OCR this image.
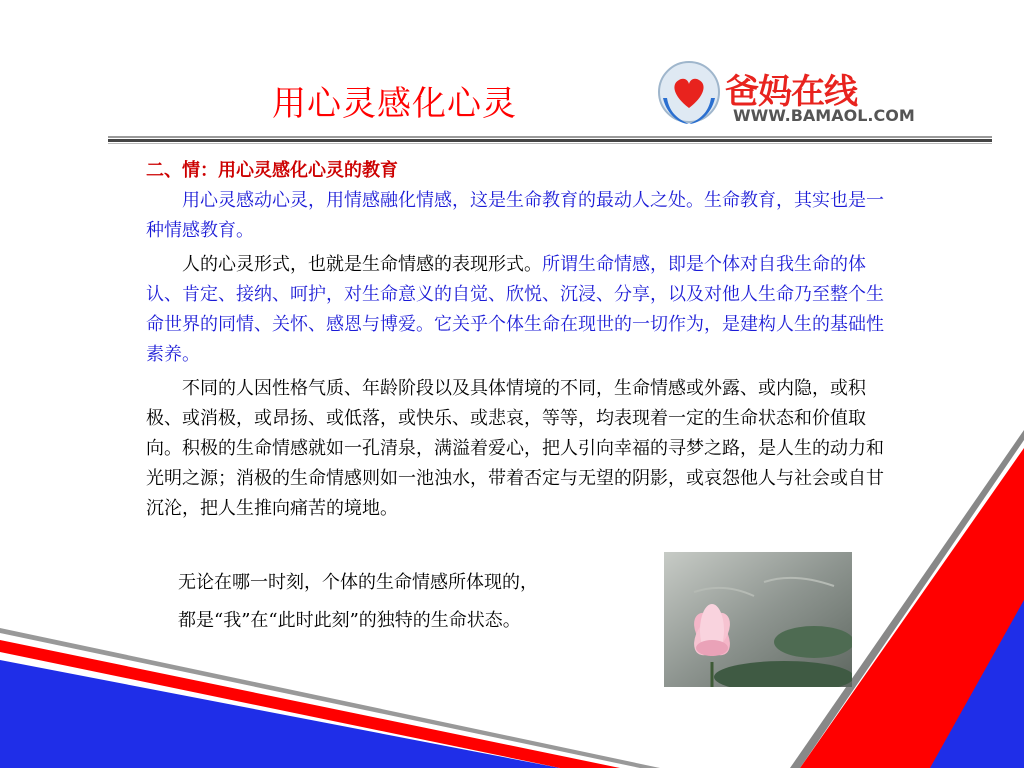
用心灵感化心灵	爸妈在线
WWW.BAMAOL.COM

二、情：用心灵感化心灵的教育

用心灵感动心灵，用情感融化情感，这是生命教育的最动人之处。生命教育，其实也是一种情感教育。

人的心灵形式，也就是生命情感的表现形式。所谓生命情感，即是个体对自我生命的体认、肯定、接纳、呵护，对生命意义的自觉、欣悦、沉浸、分享，以及对他人生命乃至整个生命世界的同情、关怀、感恩与博爱。它关乎个体生命在现世的一切作为，是建构人生的基础性素养。

不同的人因性格气质、年龄阶段以及具体情境的不同，生命情感或外露、或内隐，或积极、或消极，或昂扬、或低落，或快乐、或悲哀，等等，均表现着一定的生命状态和价值取向。积极的生命情感就如一孔清泉，满溢着爱心，把人引向幸福的寻梦之路，是人生的动力和光明之源；消极的生命情感则如一池浊水，带着否定与无望的阴影，或哀怨他人与社会或自甘沉沦，把人生推向痛苦的境地。

无论在哪一时刻，个体的生命情感所体现的，
都是“我”在“此时此刻”的独特的生命状态。
